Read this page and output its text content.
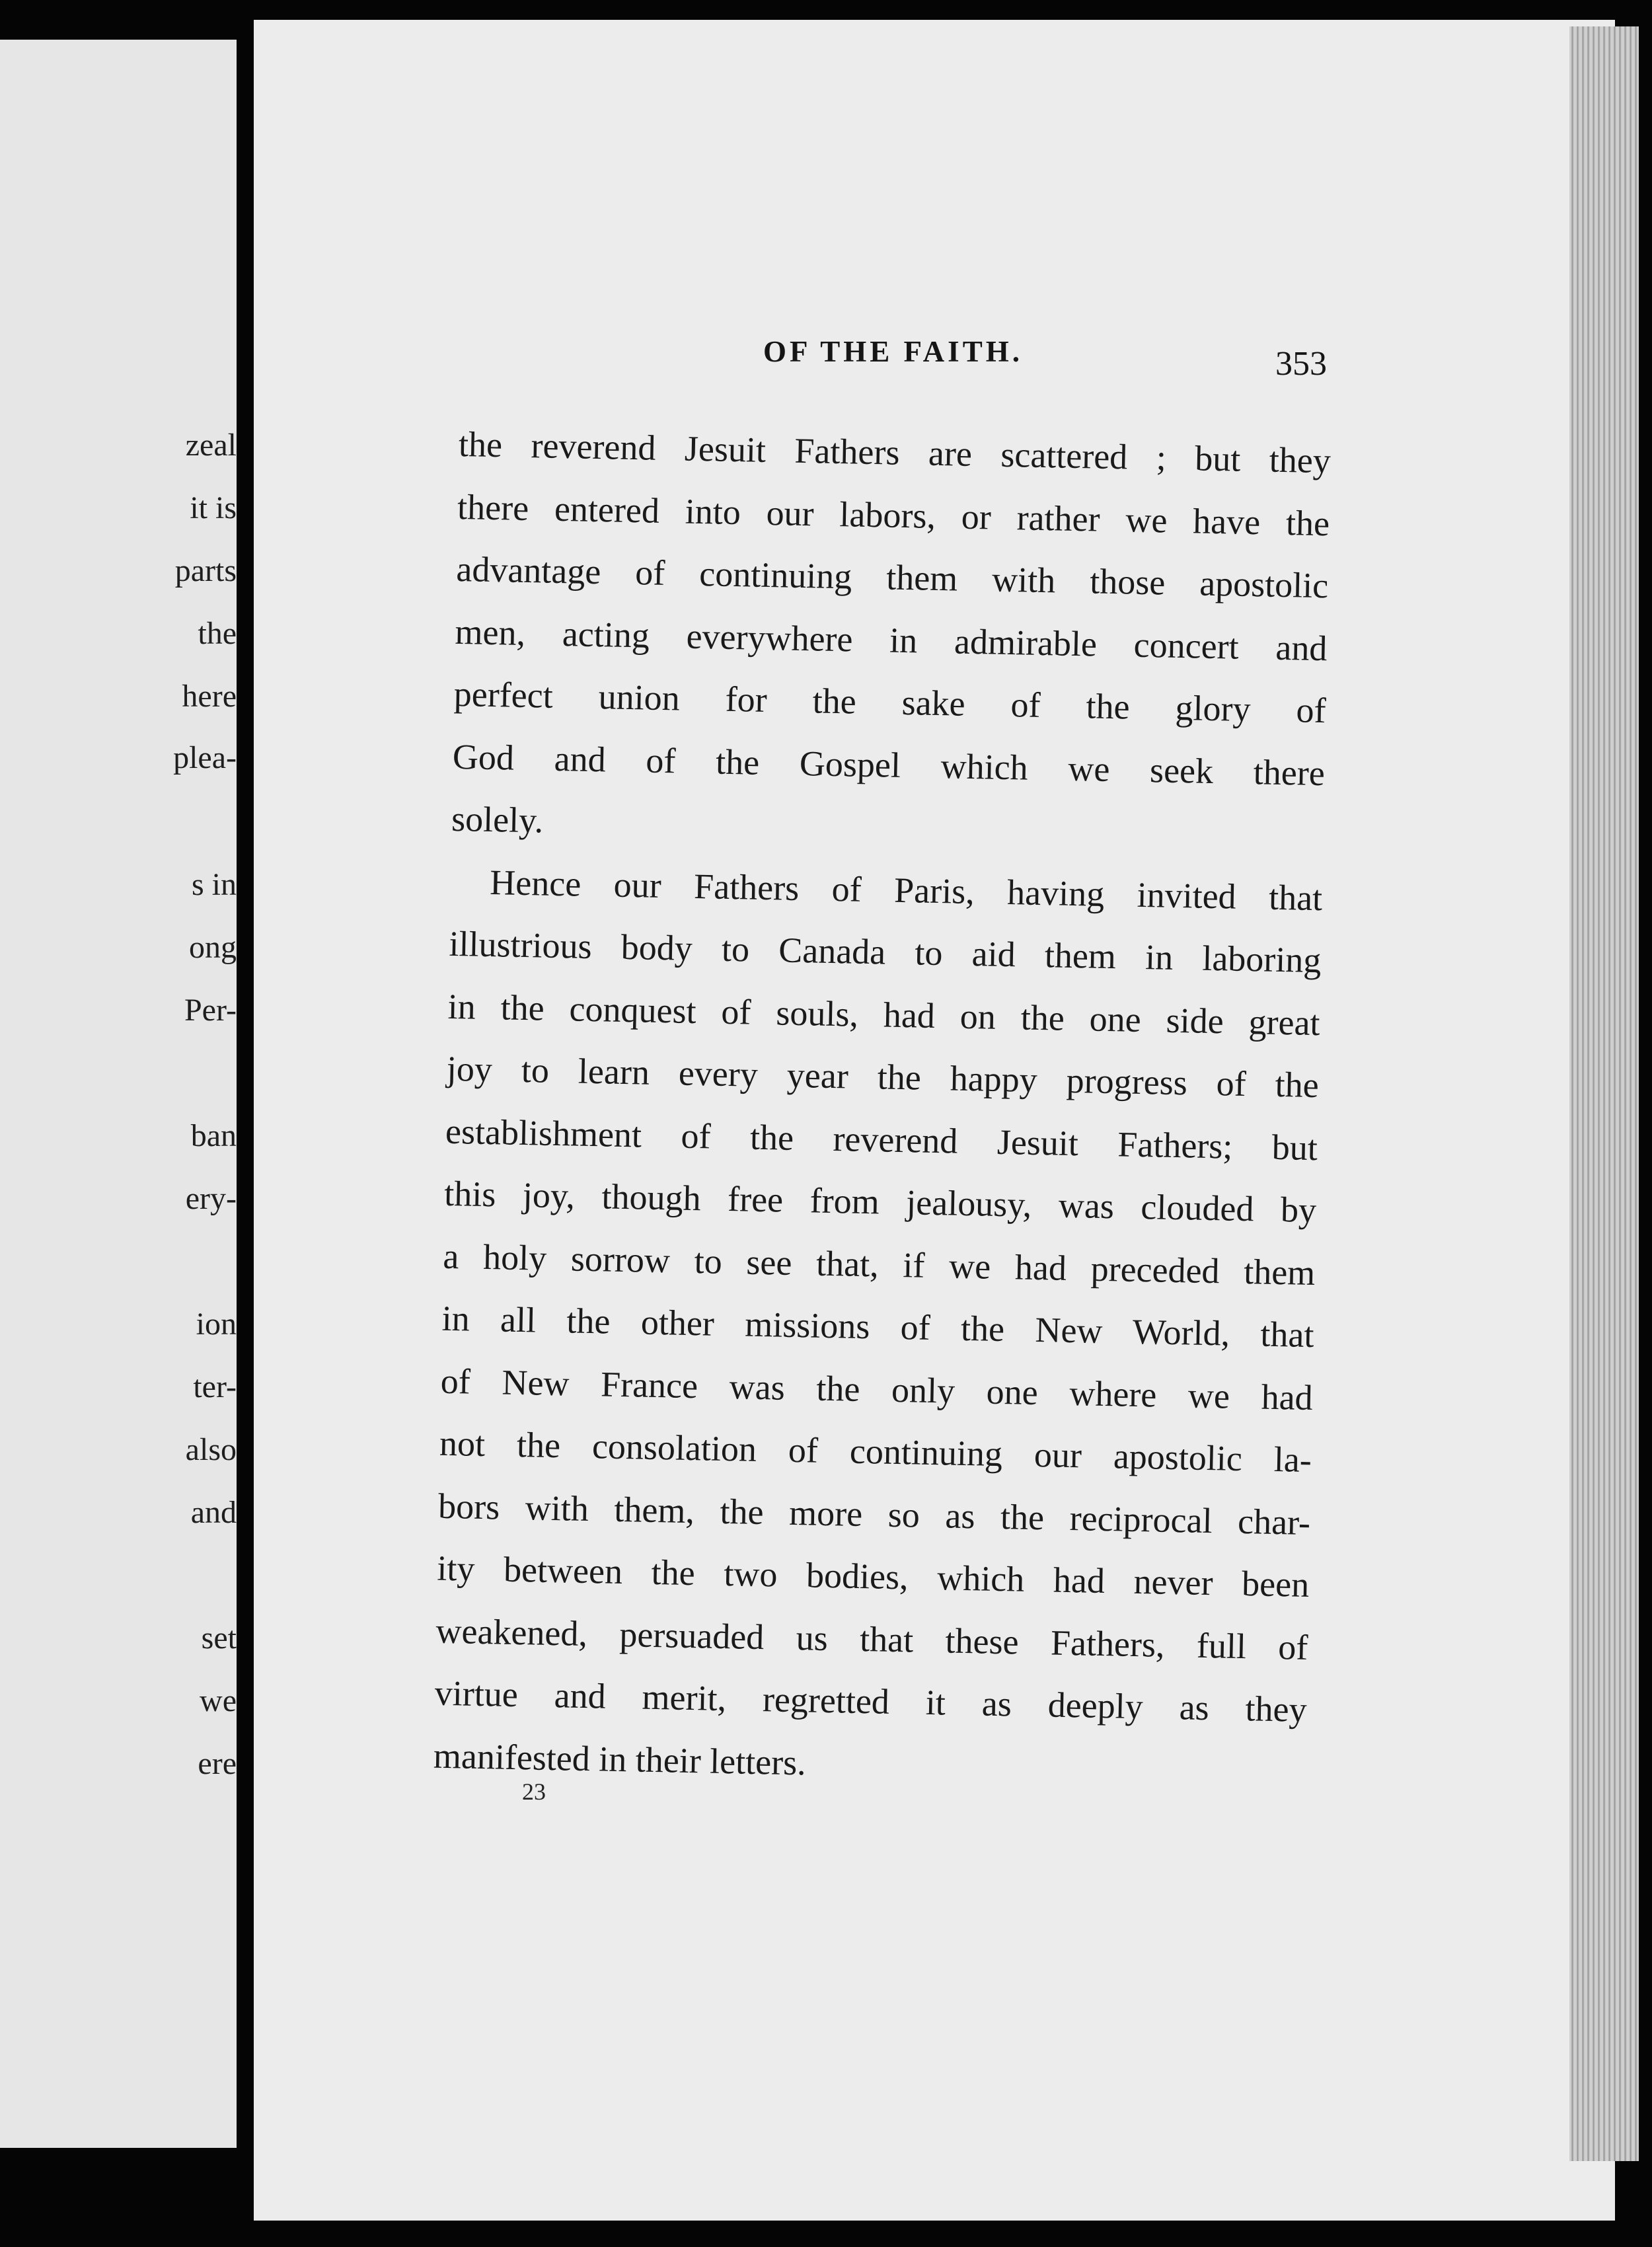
zeal

it is

parts

the

here

plea-

s in

ong

Per-

ban

ery-

ion

ter-

also

and

set

we

ere

OF THE FAITH.	353

the reverend Jesuit Fathers are scattered ; but they
there entered into our labors, or rather we have the
advantage of continuing them with those apostolic
men, acting everywhere in admirable concert and
perfect union for the sake of the glory of
God and of the Gospel which we seek there
solely.

Hence our Fathers of Paris, having invited that
illustrious body to Canada to aid them in laboring
in the conquest of souls, had on the one side great
joy to learn every year the happy progress of the
establishment of the reverend Jesuit Fathers; but
this joy, though free from jealousy, was clouded by
a holy sorrow to see that, if we had preceded them
in all the other missions of the New World, that
of New France was the only one where we had
not the consolation of continuing our apostolic la-
bors with them, the more so as the reciprocal char-
ity between the two bodies, which had never been
weakened, persuaded us that these Fathers, full of
virtue and merit, regretted it as deeply as they
manifested in their letters.

23
